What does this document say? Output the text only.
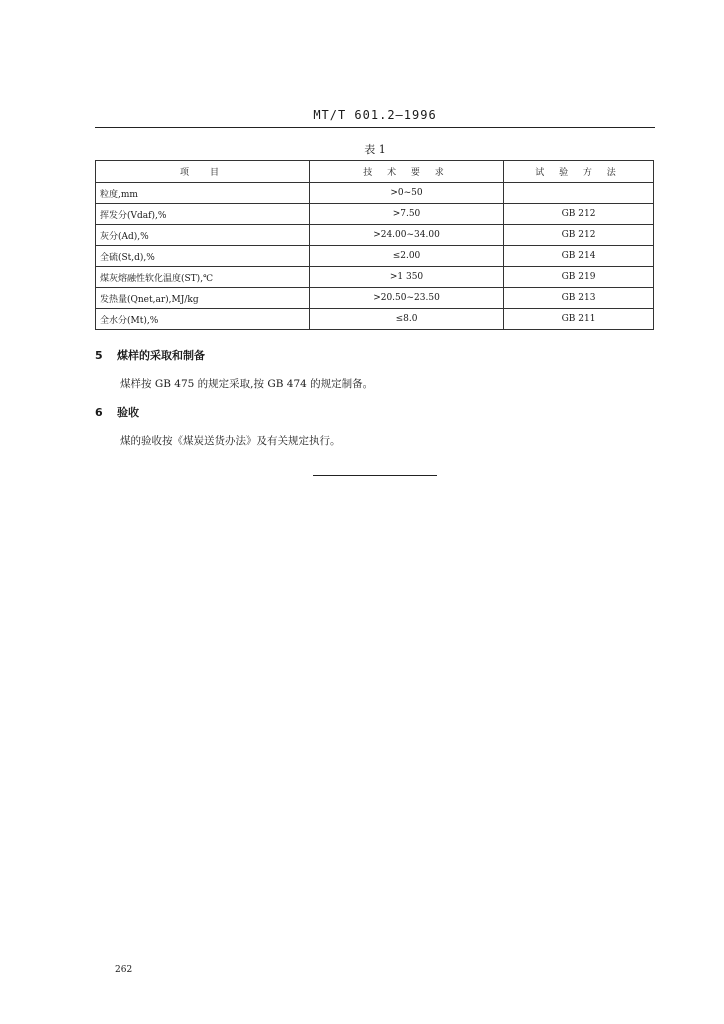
MT/T 601.2—1996
表 1
项　目	技 术 要 求	试 验 方 法
粒度,mm	>0~50	
挥发分(Vdaf),%	>7.50	GB 212
灰分(Ad),%	>24.00~34.00	GB 212
全硫(St,d),%	≤2.00	GB 214
煤灰熔融性软化温度(ST),℃	>1 350	GB 219
发热量(Qnet,ar),MJ/kg	>20.50~23.50	GB 213
全水分(Mt),%	≤8.0	GB 211
5 煤样的采取和制备
煤样按 GB 475 的规定采取,按 GB 474 的规定制备。
6 验收
煤的验收按《煤炭送货办法》及有关规定执行。
262
